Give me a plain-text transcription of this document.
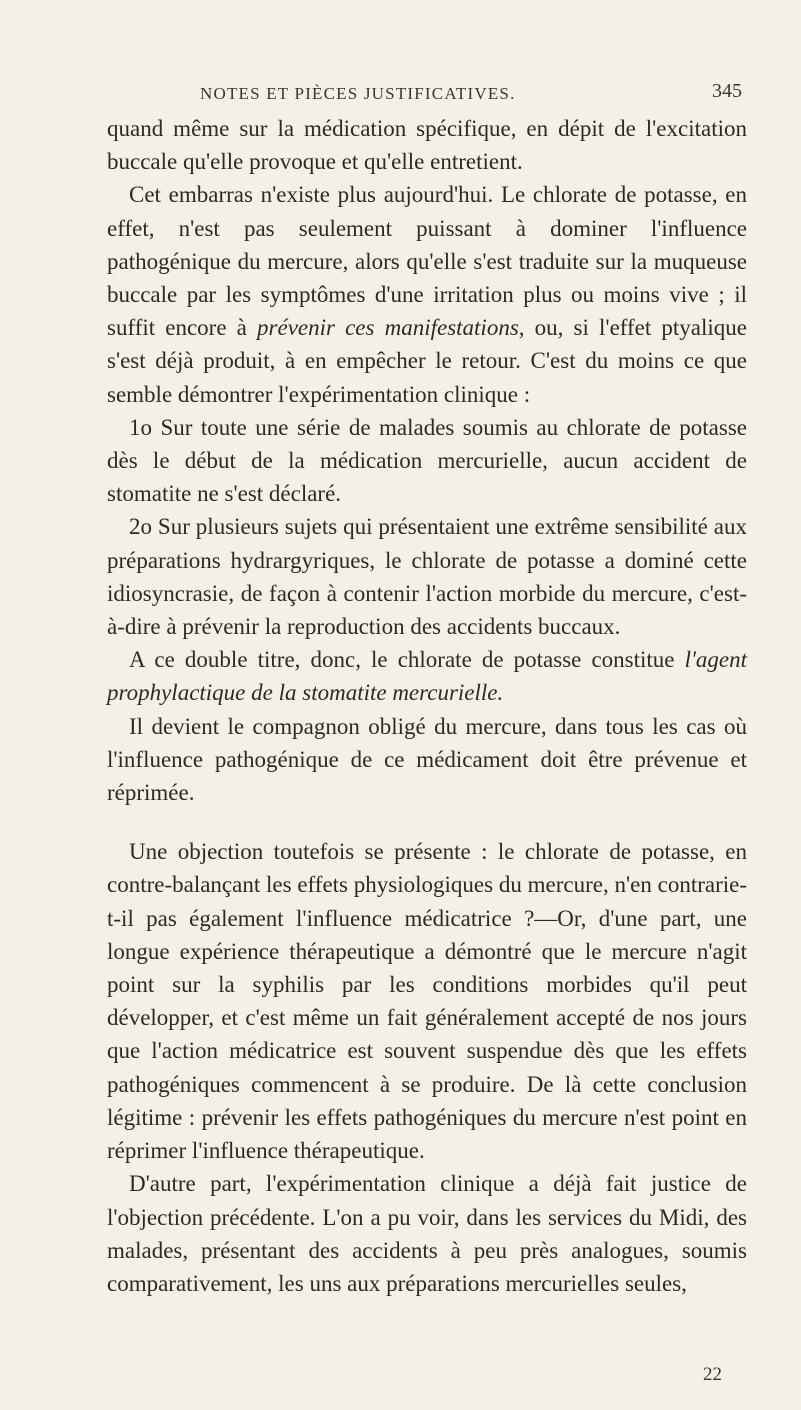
NOTES ET PIÈCES JUSTIFICATIVES.	345

quand même sur la médication spécifique, en dépit de l'excitation buccale qu'elle provoque et qu'elle entretient.

Cet embarras n'existe plus aujourd'hui. Le chlorate de potasse, en effet, n'est pas seulement puissant à dominer l'influence pathogénique du mercure, alors qu'elle s'est traduite sur la muqueuse buccale par les symptômes d'une irritation plus ou moins vive ; il suffit encore à prévenir ces manifestations, ou, si l'effet ptyalique s'est déjà produit, à en empêcher le retour. C'est du moins ce que semble démontrer l'expérimentation clinique :

1o Sur toute une série de malades soumis au chlorate de potasse dès le début de la médication mercurielle, aucun accident de stomatite ne s'est déclaré.

2o Sur plusieurs sujets qui présentaient une extrême sensibilité aux préparations hydrargyriques, le chlorate de potasse a dominé cette idiosyncrasie, de façon à contenir l'action morbide du mercure, c'est-à-dire à prévenir la reproduction des accidents buccaux.

A ce double titre, donc, le chlorate de potasse constitue l'agent prophylactique de la stomatite mercurielle.

Il devient le compagnon obligé du mercure, dans tous les cas où l'influence pathogénique de ce médicament doit être prévenue et réprimée.

Une objection toutefois se présente : le chlorate de potasse, en contre-balançant les effets physiologiques du mercure, n'en contrarie-t-il pas également l'influence médicatrice ?—Or, d'une part, une longue expérience thérapeutique a démontré que le mercure n'agit point sur la syphilis par les conditions morbides qu'il peut développer, et c'est même un fait généralement accepté de nos jours que l'action médicatrice est souvent suspendue dès que les effets pathogéniques commencent à se produire. De là cette conclusion légitime : prévenir les effets pathogéniques du mercure n'est point en réprimer l'influence thérapeutique.

D'autre part, l'expérimentation clinique a déjà fait justice de l'objection précédente. L'on a pu voir, dans les services du Midi, des malades, présentant des accidents à peu près analogues, soumis comparativement, les uns aux préparations mercurielles seules,

22
